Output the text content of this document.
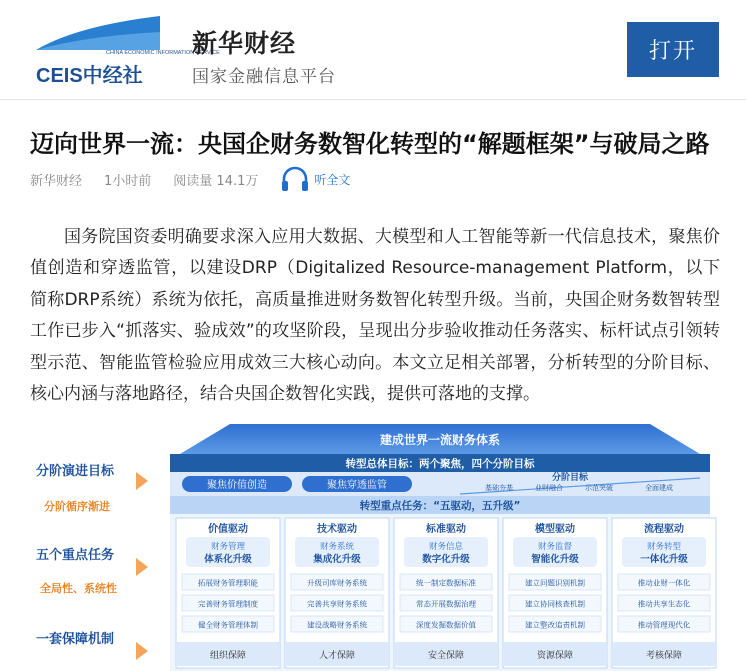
CHINA ECONOMIC INFORMATION SERVICE
CEIS中经社
新华财经
国家金融信息平台
打开
迈向世界一流：央国企财务数智化转型的“解题框架”与破局之路
新华财经 1小时前 阅读量 14.1万	听全文

国务院国资委明确要求深入应用大数据、大模型和人工智能等新一代信息技术，聚焦价值创造和穿透监管，以建设DRP（Digitalized Resource-management Platform，以下简称DRP系统）系统为依托，高质量推进财务数智化转型升级。当前，央国企财务数智转型工作已步入“抓落实、验成效”的攻坚阶段，呈现出分步验收推动任务落实、标杆试点引领转型示范、智能监管检验应用成效三大核心动向。本文立足相关部署，分析转型的分阶目标、核心内涵与落地路径，结合央国企数智化实践，提供可落地的支撑。

分阶演进目标
分阶循序渐进
五个重点任务
全局性、系统性
一套保障机制
建成世界一流财务体系
转型总体目标：两个聚焦，四个分阶目标
聚焦价值创造	聚焦穿透监管
分阶目标
基础夯基	业财融合	示范突破	全面建成
转型重点任务：“五驱动，五升级”
价值驱动
财务管理
体系化升级
拓展财务管理职能
完善财务管理制度
健全财务管理体制
组织保障
技术驱动
财务系统
集成化升级
升级司库财务系统
完善共享财务系统
建设战略财务系统
人才保障
标准驱动
财务信息
数字化升级
统一制定数据标准
常态开展数据治理
深度发掘数据价值
安全保障
模型驱动
财务监督
智能化升级
建立问题识别机制
建立协同核查机制
建立整改追责机制
资源保障
流程驱动
财务转型
一体化升级
推动业财一体化
推动共享生态化
推动管理现代化
考核保障
